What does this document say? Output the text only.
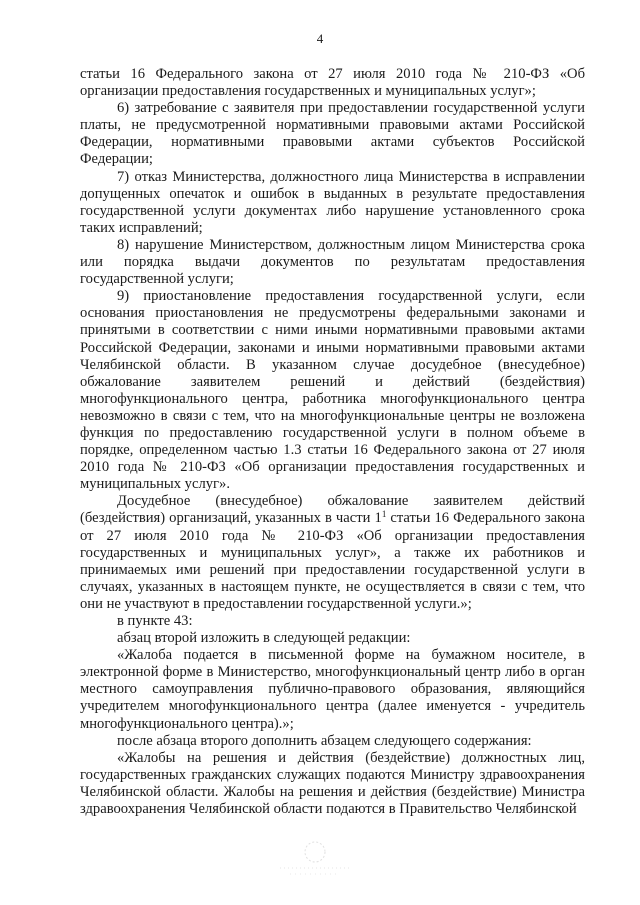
4

статьи 16 Федерального закона от 27 июля 2010 года № 210-ФЗ «Об организации предоставления государственных и муниципальных услуг»;

6) затребование с заявителя при предоставлении государственной услуги платы, не предусмотренной нормативными правовыми актами Российской Федерации, нормативными правовыми актами субъектов Российской Федерации;

7) отказ Министерства, должностного лица Министерства в исправлении допущенных опечаток и ошибок в выданных в результате предоставления государственной услуги документах либо нарушение установленного срока таких исправлений;

8) нарушение Министерством, должностным лицом Министерства срока или порядка выдачи документов по результатам предоставления государственной услуги;

9) приостановление предоставления государственной услуги, если основания приостановления не предусмотрены федеральными законами и принятыми в соответствии с ними иными нормативными правовыми актами Российской Федерации, законами и иными нормативными правовыми актами Челябинской области. В указанном случае досудебное (внесудебное) обжалование заявителем решений и действий (бездействия) многофункционального центра, работника многофункционального центра невозможно в связи с тем, что на многофункциональные центры не возложена функция по предоставлению государственной услуги в полном объеме в порядке, определенном частью 1.3 статьи 16 Федерального закона от 27 июля 2010 года № 210-ФЗ «Об организации предоставления государственных и муниципальных услуг».

Досудебное (внесудебное) обжалование заявителем действий (бездействия) организаций, указанных в части $1^1$ статьи 16 Федерального закона от 27 июля 2010 года № 210-ФЗ «Об организации предоставления государственных и муниципальных услуг», а также их работников и принимаемых ими решений при предоставлении государственной услуги в случаях, указанных в настоящем пункте, не осуществляется в связи с тем, что они не участвуют в предоставлении государственной услуги.»;

в пункте 43:

абзац второй изложить в следующей редакции:

«Жалоба подается в письменной форме на бумажном носителе, в электронной форме в Министерство, многофункциональный центр либо в орган местного самоуправления публично-правового образования, являющийся учредителем многофункционального центра (далее именуется - учредитель многофункционального центра).»;

после абзаца второго дополнить абзацем следующего содержания:

«Жалобы на решения и действия (бездействие) должностных лиц, государственных гражданских служащих подаются Министру здравоохранения Челябинской области. Жалобы на решения и действия (бездействие) Министра здравоохранения Челябинской области подаются в Правительство Челябинской
